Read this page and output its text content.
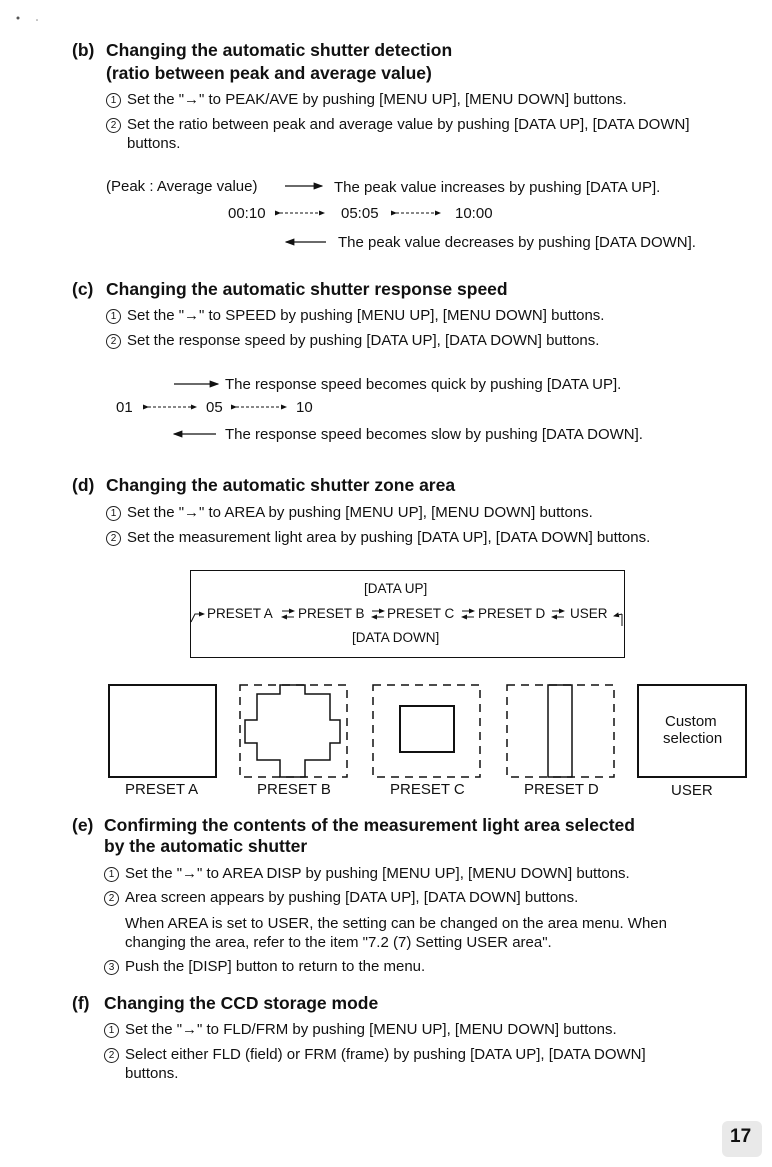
(b) Changing the automatic shutter detection
(ratio between peak and average value)
1 Set the "→" to PEAK/AVE by pushing [MENU UP], [MENU DOWN] buttons.
2 Set the ratio between peak and average value by pushing [DATA UP], [DATA DOWN]
buttons.
(Peak : Average value)	The peak value increases by pushing [DATA UP].
00:10	05:05	10:00
The peak value decreases by pushing [DATA DOWN].
(c) Changing the automatic shutter response speed
1 Set the "→" to SPEED by pushing [MENU UP], [MENU DOWN] buttons.
2 Set the response speed by pushing [DATA UP], [DATA DOWN] buttons.
The response speed becomes quick by pushing [DATA UP].
01	05	10
The response speed becomes slow by pushing [DATA DOWN].
(d) Changing the automatic shutter zone area
1 Set the "→" to AREA by pushing [MENU UP], [MENU DOWN] buttons.
2 Set the measurement light area by pushing [DATA UP], [DATA DOWN] buttons.
[DATA UP]
[DATA DOWN]
PRESET A PRESET B PRESET C PRESET D USER
PRESET A	PRESET B	PRESET C	PRESET D	USER
Custom
selection
(e) Confirming the contents of the measurement light area selected
by the automatic shutter
1 Set the "→" to AREA DISP by pushing [MENU UP], [MENU DOWN] buttons.
2 Area screen appears by pushing [DATA UP], [DATA DOWN] buttons.
When AREA is set to USER, the setting can be changed on the area menu. When
changing the area, refer to the item "7.2 (7) Setting USER area".
3 Push the [DISP] button to return to the menu.
(f) Changing the CCD storage mode
1 Set the "→" to FLD/FRM by pushing [MENU UP], [MENU DOWN] buttons.
2 Select either FLD (field) or FRM (frame) by pushing [DATA UP], [DATA DOWN]
buttons.
17
